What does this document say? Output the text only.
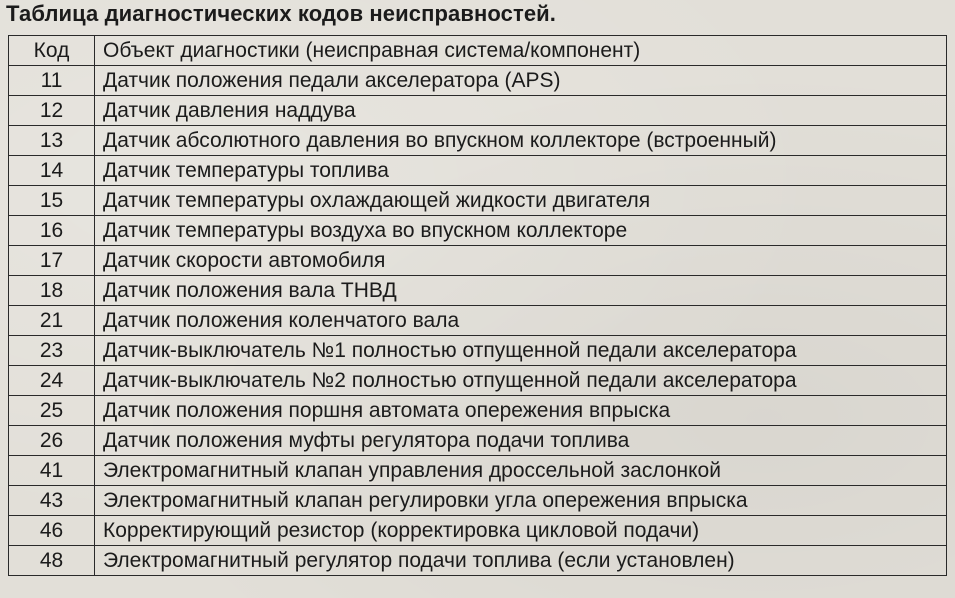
Таблица диагностических кодов неисправностей.
Код	Объект диагностики (неисправная система/компонент)
11	Датчик положения педали акселератора (APS)
12	Датчик давления наддува
13	Датчик абсолютного давления во впускном коллекторе (встроенный)
14	Датчик температуры топлива
15	Датчик температуры охлаждающей жидкости двигателя
16	Датчик температуры воздуха во впускном коллекторе
17	Датчик скорости автомобиля
18	Датчик положения вала ТНВД
21	Датчик положения коленчатого вала
23	Датчик-выключатель №1 полностью отпущенной педали акселератора
24	Датчик-выключатель №2 полностью отпущенной педали акселератора
25	Датчик положения поршня автомата опережения впрыска
26	Датчик положения муфты регулятора подачи топлива
41	Электромагнитный клапан управления дроссельной заслонкой
43	Электромагнитный клапан регулировки угла опережения впрыска
46	Корректирующий резистор (корректировка цикловой подачи)
48	Электромагнитный регулятор подачи топлива (если установлен)
